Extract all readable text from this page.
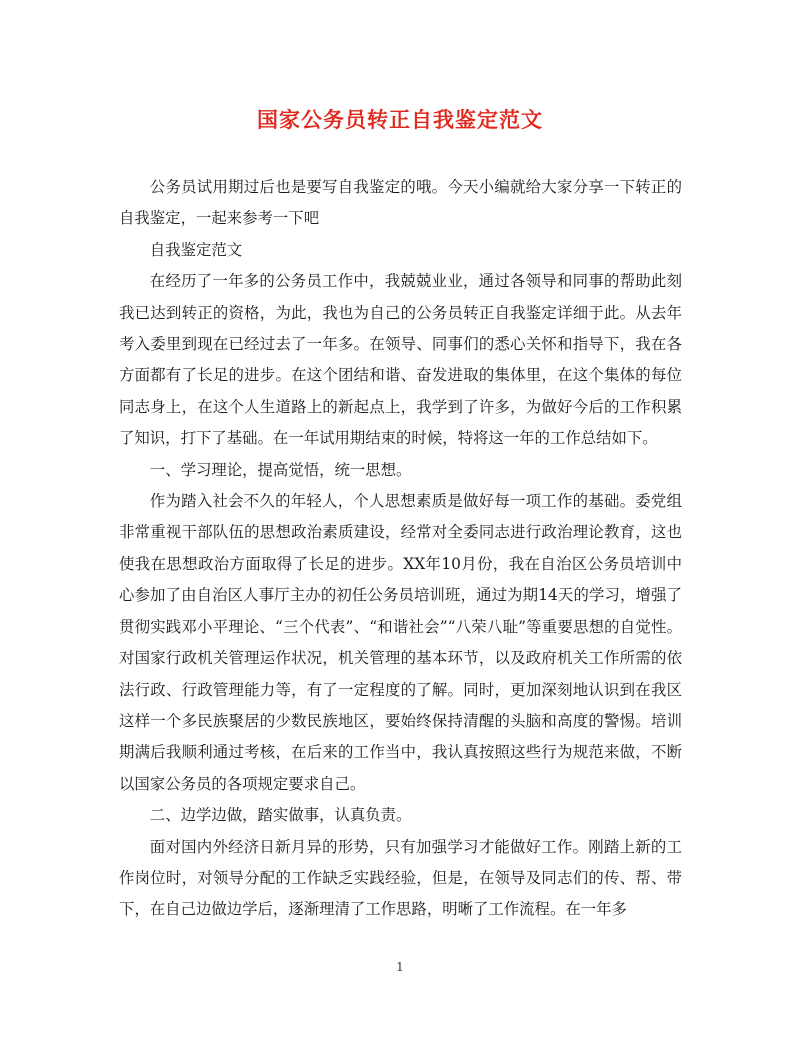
国家公务员转正自我鉴定范文

公务员试用期过后也是要写自我鉴定的哦。今天小编就给大家分享一下转正的自我鉴定，一起来参考一下吧

自我鉴定范文

在经历了一年多的公务员工作中，我兢兢业业，通过各领导和同事的帮助此刻我已达到转正的资格，为此，我也为自己的公务员转正自我鉴定详细于此。从去年考入委里到现在已经过去了一年多。在领导、同事们的悉心关怀和指导下，我在各方面都有了长足的进步。在这个团结和谐、奋发进取的集体里，在这个集体的每位同志身上，在这个人生道路上的新起点上，我学到了许多，为做好今后的工作积累了知识，打下了基础。在一年试用期结束的时候，特将这一年的工作总结如下。

一、学习理论，提高觉悟，统一思想。

作为踏入社会不久的年轻人，个人思想素质是做好每一项工作的基础。委党组非常重视干部队伍的思想政治素质建设，经常对全委同志进行政治理论教育，这也使我在思想政治方面取得了长足的进步。XX年10月份，我在自治区公务员培训中心参加了由自治区人事厅主办的初任公务员培训班，通过为期14天的学习，增强了贯彻实践邓小平理论、“三个代表”、“和谐社会”“八荣八耻”等重要思想的自觉性。对国家行政机关管理运作状况，机关管理的基本环节，以及政府机关工作所需的依法行政、行政管理能力等，有了一定程度的了解。同时，更加深刻地认识到在我区这样一个多民族聚居的少数民族地区，要始终保持清醒的头脑和高度的警惕。培训期满后我顺利通过考核，在后来的工作当中，我认真按照这些行为规范来做，不断以国家公务员的各项规定要求自己。

二、边学边做，踏实做事，认真负责。

面对国内外经济日新月异的形势，只有加强学习才能做好工作。刚踏上新的工作岗位时，对领导分配的工作缺乏实践经验，但是，在领导及同志们的传、帮、带下，在自己边做边学后，逐渐理清了工作思路，明晰了工作流程。在一年多

1
